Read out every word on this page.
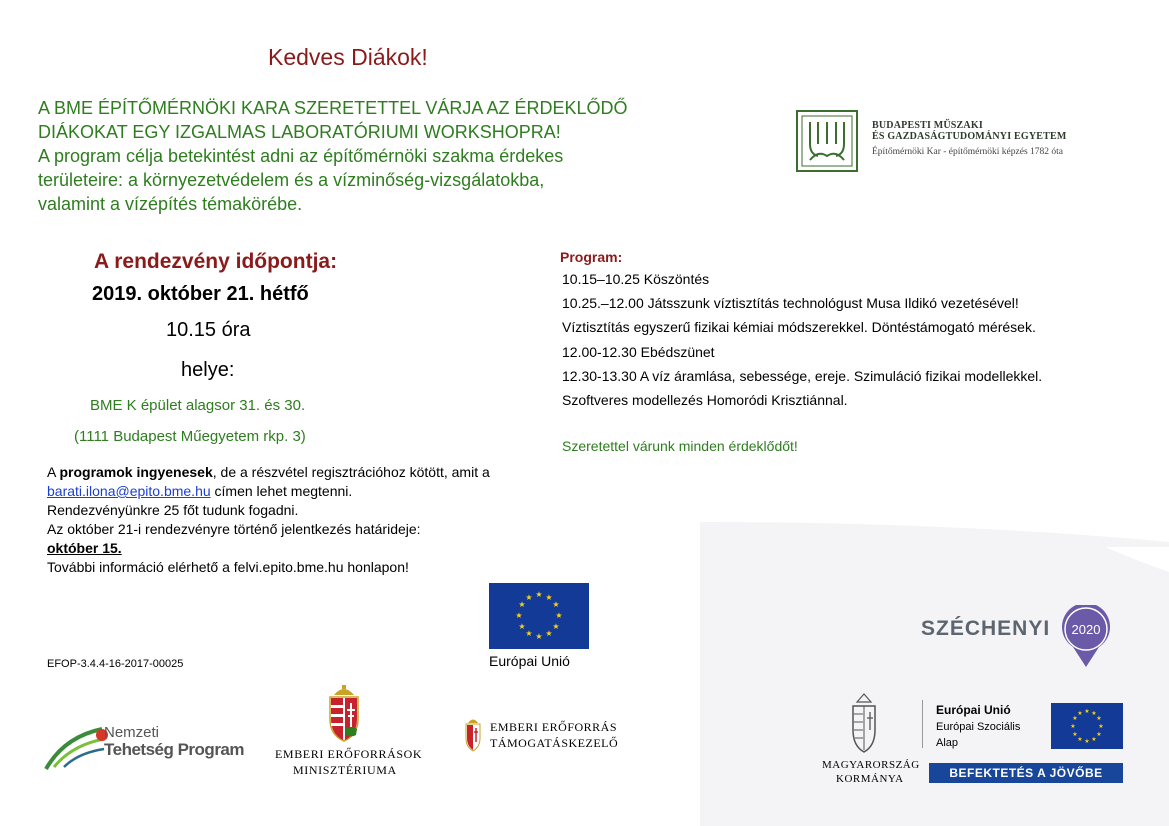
Kedves Diákok!
A BME ÉPÍTŐMÉRNÖKI KARA SZERETETTEL VÁRJA AZ ÉRDEKLŐDŐ
DIÁKOKAT EGY IZGALMAS LABORATÓRIUMI WORKSHOPRA!
A program célja betekintést adni az építőmérnöki szakma érdekes
területeire: a környezetvédelem és a vízminőség-vizsgálatokba,
valamint a vízépítés témakörébe.
A rendezvény időpontja:
2019. október 21. hétfő
10.15 óra
helye:
BME K épület alagsor 31. és 30.
(1111 Budapest Műegyetem rkp. 3)
A programok ingyenesek, de a részvétel regisztrációhoz kötött, amit a
barati.ilona@epito.bme.hu címen lehet megtenni.
Rendezvényünkre 25 főt tudunk fogadni.
Az október 21-i rendezvényre történő jelentkezés határideje:
október 15.
További információ elérhető a felvi.epito.bme.hu honlapon!
Program:
10.15–10.25 Köszöntés
10.25.–12.00 Játsszunk víztisztítás technológust Musa Ildikó vezetésével!
Víztisztítás egyszerű fizikai kémiai módszerekkel. Döntéstámogató mérések.
12.00-12.30 Ebédszünet
12.30-13.30 A víz áramlása, sebessége, ereje. Szimuláció fizikai modellekkel.
Szoftveres modellezés Homoródi Krisztiánnal.
Szeretettel várunk minden érdeklődőt!
EFOP-3.4.4-16-2017-00025
BUDAPESTI MŰSZAKI
ÉS GAZDASÁGTUDOMÁNYI EGYETEM
Építőmérnöki Kar - építőmérnöki képzés 1782 óta
★ ★
★
★
★
★
★
★
★
★
★
★
Európai Unió
SZÉCHENYI 2020
MAGYARORSZÁG
KORMÁNYA
Európai Unió
Európai Szociális
Alap
★ ★
★
★
★
★
★
★
★
★
★
★
BEFEKTETÉS A JÖVŐBE
Nemzeti
Tehetség Program	EMBERI ERŐFORRÁSOK
MINISZTÉRIUMA
EMBERI ERŐFORRÁS
TÁMOGATÁSKEZELŐ
